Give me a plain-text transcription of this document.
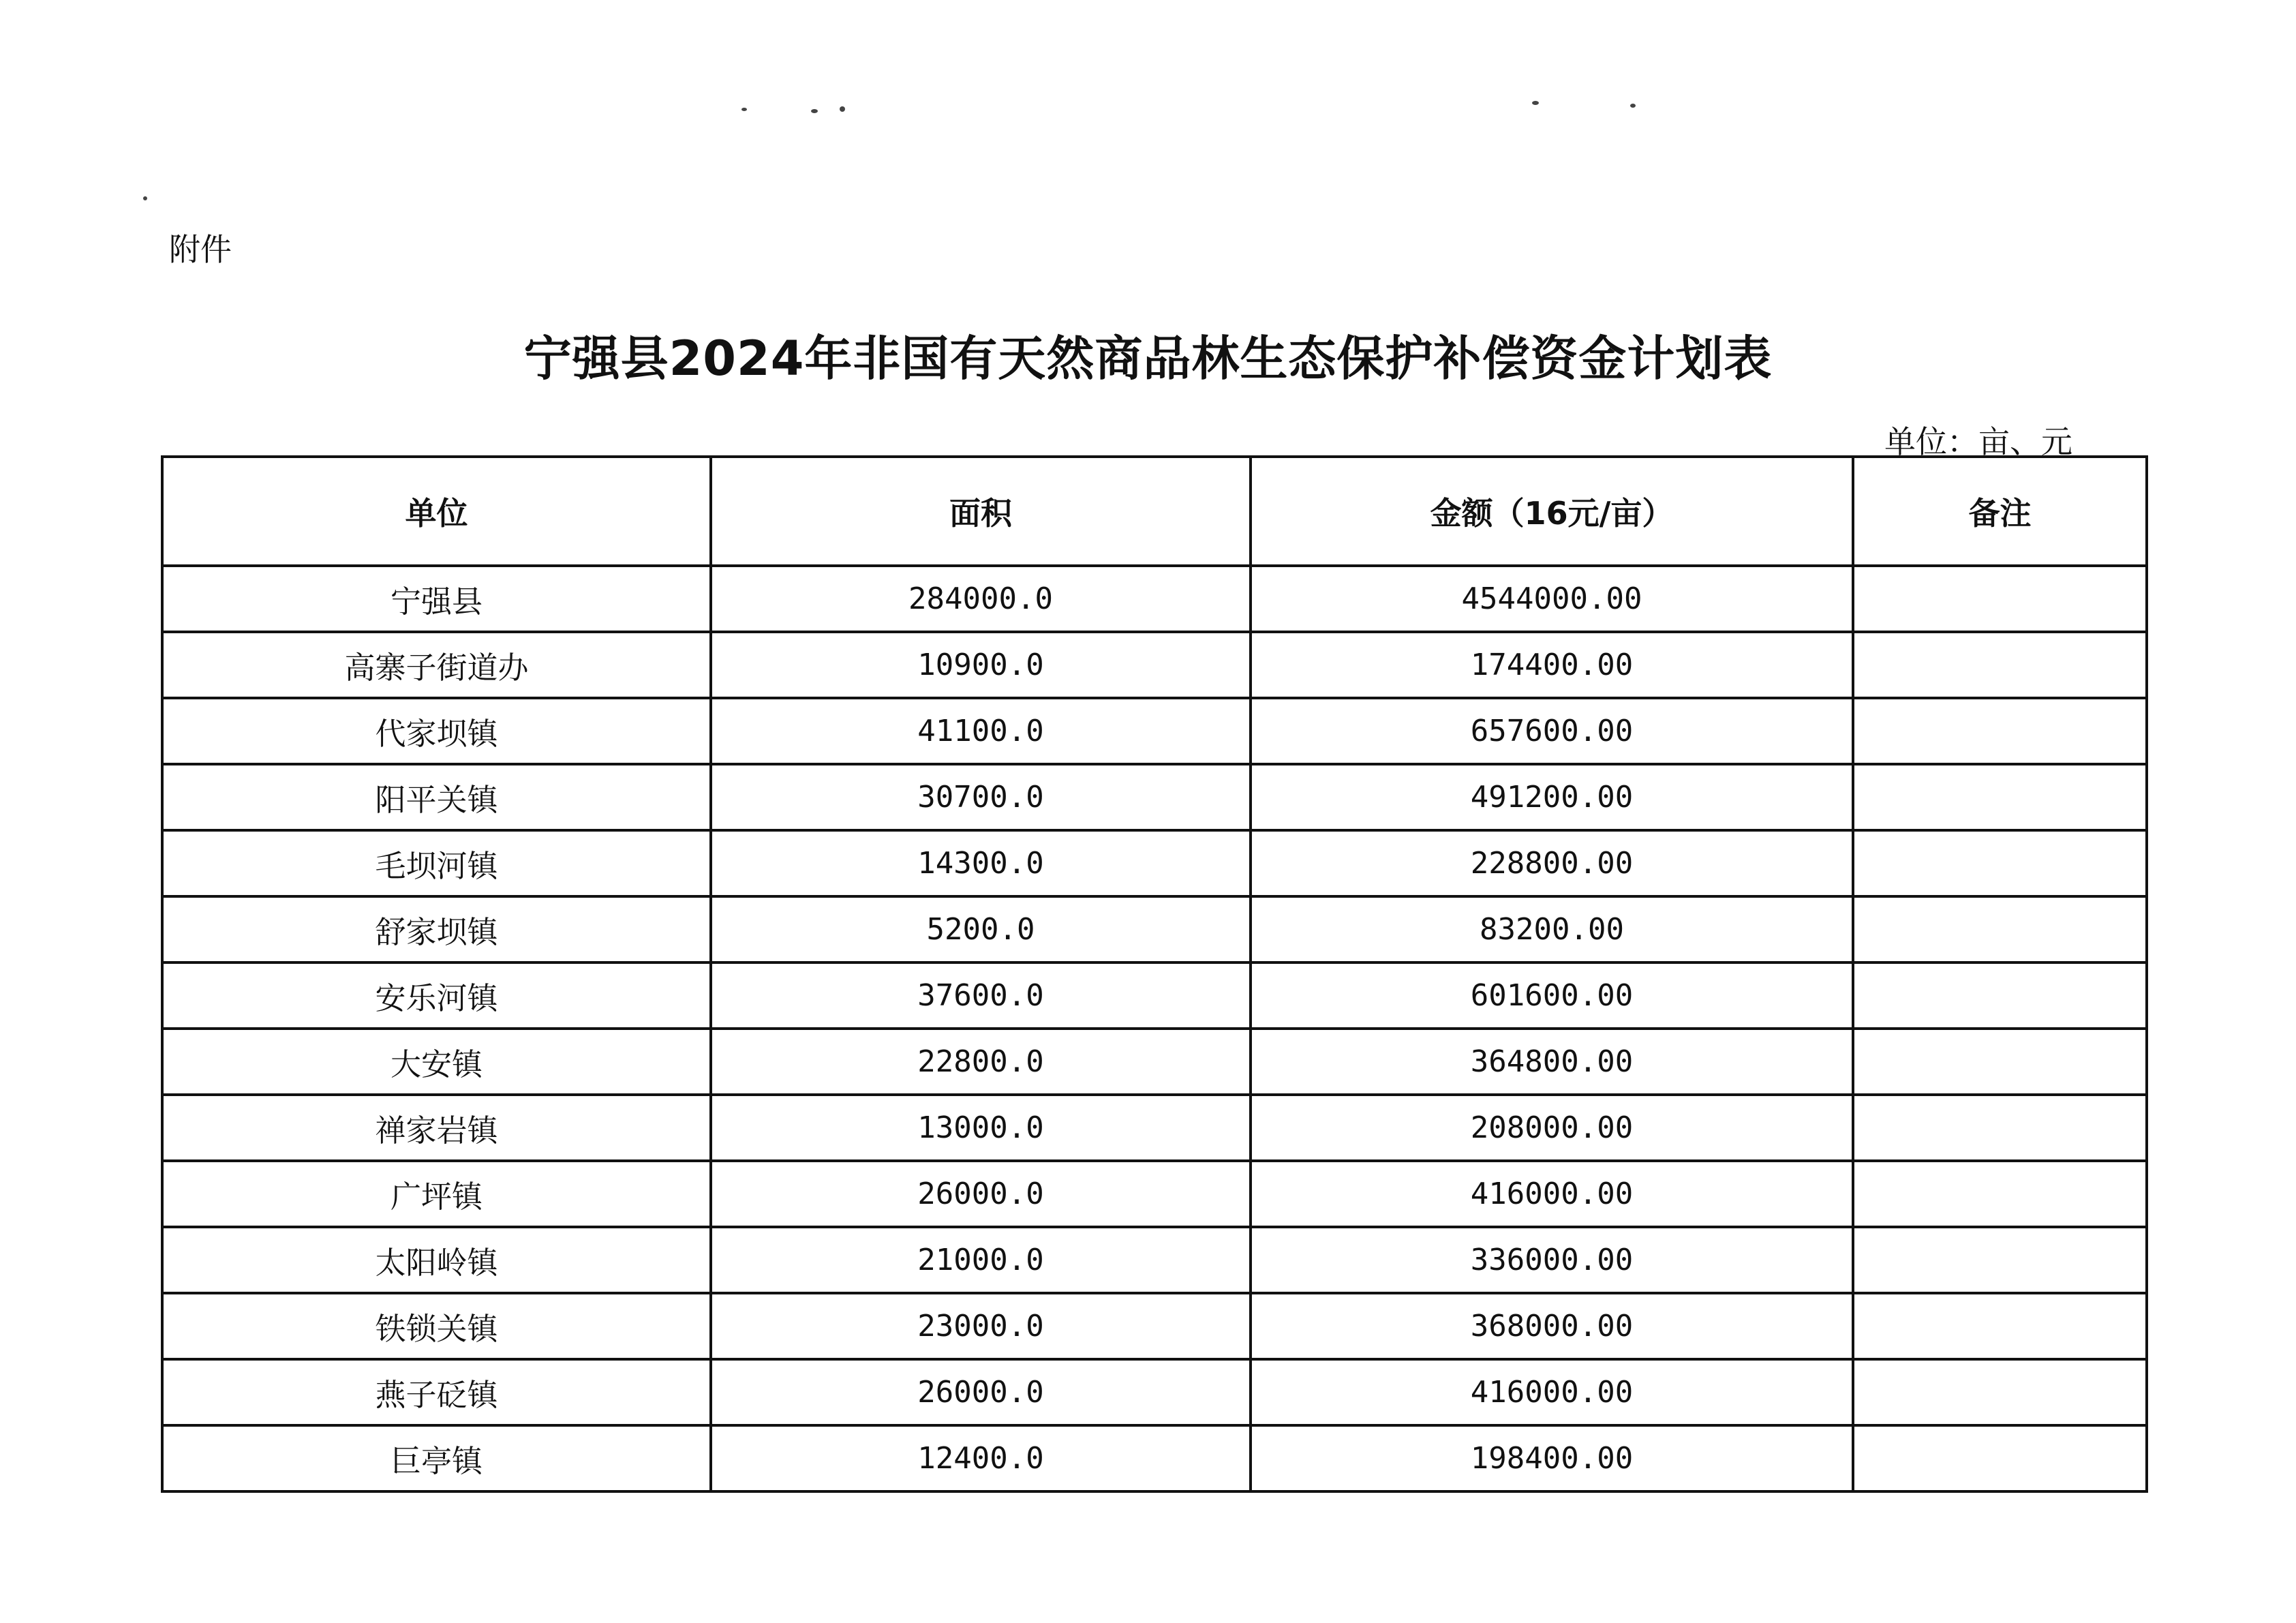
附件
宁强县2024年非国有天然商品林生态保护补偿资金计划表
单位：亩、元
单位	面积	金额（16元/亩）	备注
宁强县	284000.0	4544000.00	
高寨子街道办	10900.0	174400.00	
代家坝镇	41100.0	657600.00	
阳平关镇	30700.0	491200.00	
毛坝河镇	14300.0	228800.00	
舒家坝镇	5200.0	83200.00	
安乐河镇	37600.0	601600.00	
大安镇	22800.0	364800.00	
禅家岩镇	13000.0	208000.00	
广坪镇	26000.0	416000.00	
太阳岭镇	21000.0	336000.00	
铁锁关镇	23000.0	368000.00	
燕子砭镇	26000.0	416000.00	
巨亭镇	12400.0	198400.00	
